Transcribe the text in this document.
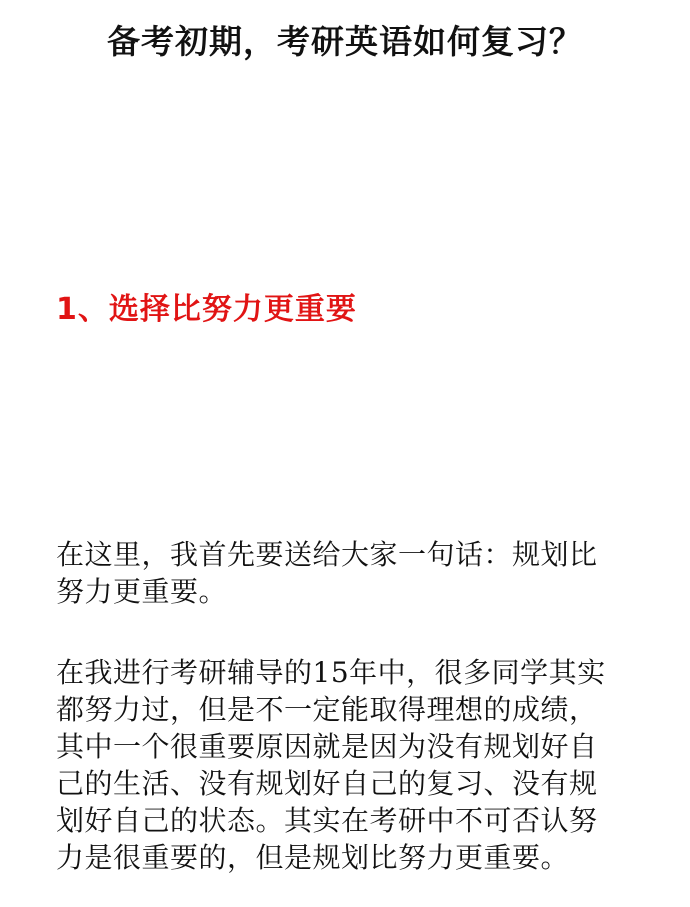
备考初期，考研英语如何复习？
1、选择比努力更重要
在这里，我首先要送给大家一句话：规划比
努力更重要。
在我进行考研辅导的15年中，很多同学其实
都努力过，但是不一定能取得理想的成绩，
其中一个很重要原因就是因为没有规划好自
己的生活、没有规划好自己的复习、没有规
划好自己的状态。其实在考研中不可否认努
力是很重要的，但是规划比努力更重要。
